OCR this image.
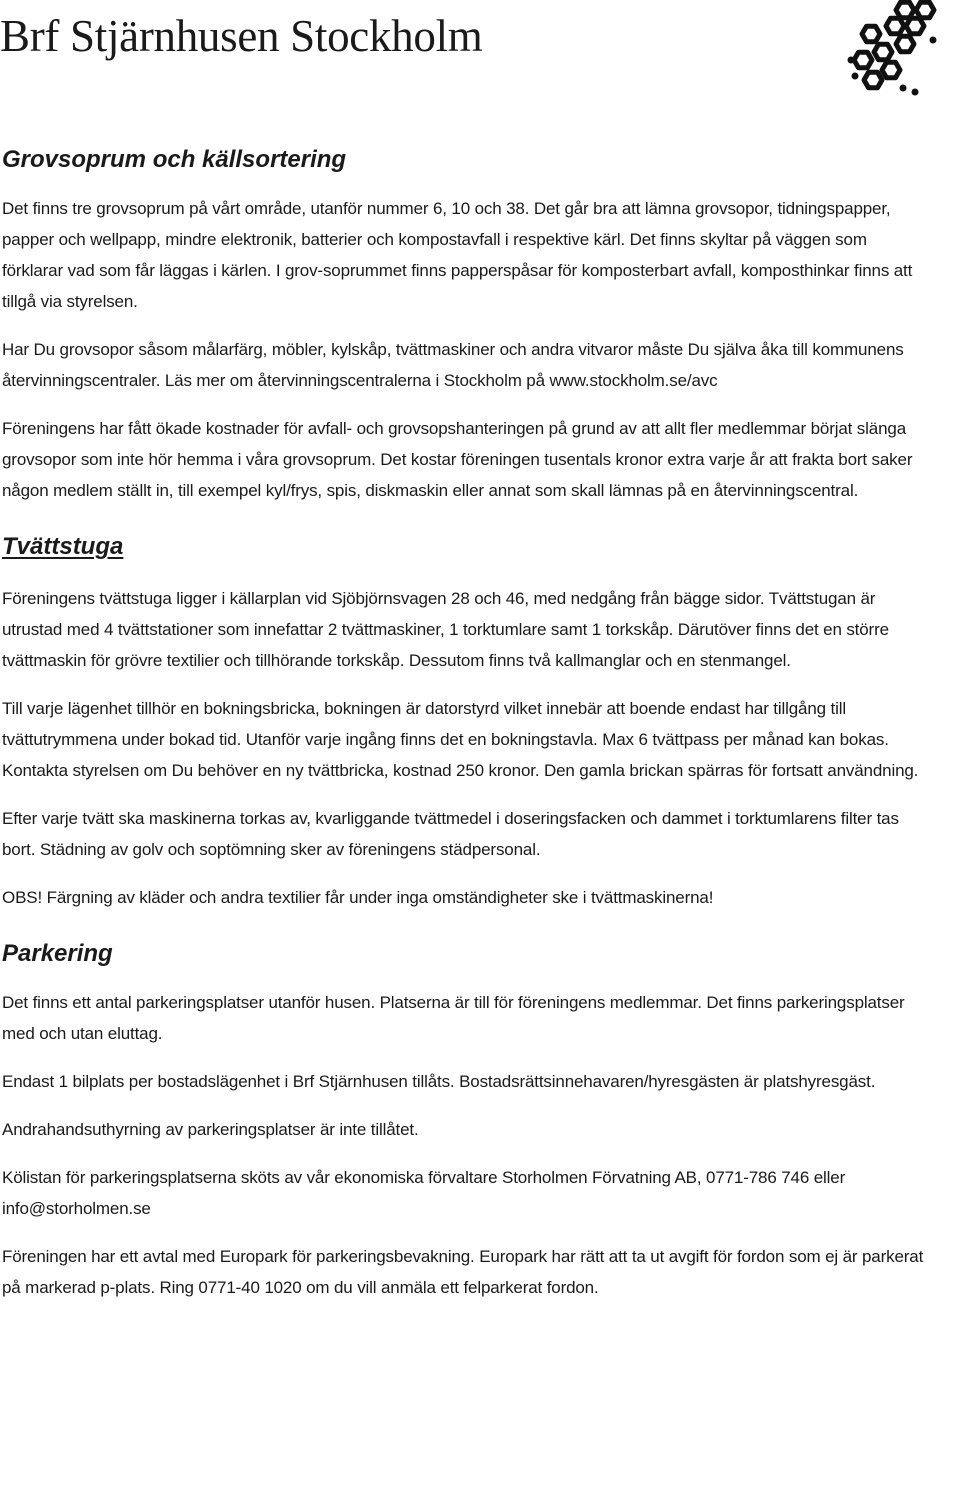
Brf Stjärnhusen Stockholm
Grovsoprum och källsortering

Det finns tre grovsoprum på vårt område, utanför nummer 6, 10 och 38. Det går bra att lämna grovsopor, tidningspapper, papper och wellpapp, mindre elektronik, batterier och kompostavfall i respektive kärl. Det finns skyltar på väggen som förklarar vad som får läggas i kärlen. I grov-soprummet finns papperspåsar för komposterbart avfall, komposthinkar finns att tillgå via styrelsen.

Har Du grovsopor såsom målarfärg, möbler, kylskåp, tvättmaskiner och andra vitvaror måste Du själva åka till kommunens återvinningscentraler. Läs mer om återvinningscentralerna i Stockholm på www.stockholm.se/avc

Föreningens har fått ökade kostnader för avfall- och grovsopshanteringen på grund av att allt fler medlemmar börjat slänga grovsopor som inte hör hemma i våra grovsoprum. Det kostar föreningen tusentals kronor extra varje år att frakta bort saker någon medlem ställt in, till exempel kyl/frys, spis, diskmaskin eller annat som skall lämnas på en återvinningscentral.

Tvättstuga

Föreningens tvättstuga ligger i källarplan vid Sjöbjörnsvagen 28 och 46, med nedgång från bägge sidor. Tvättstugan är utrustad med 4 tvättstationer som innefattar 2 tvättmaskiner, 1 torktumlare samt 1 torkskåp. Därutöver finns det en större tvättmaskin för grövre textilier och tillhörande torkskåp. Dessutom finns två kallmanglar och en stenmangel.

Till varje lägenhet tillhör en bokningsbricka, bokningen är datorstyrd vilket innebär att boende endast har tillgång till tvättutrymmena under bokad tid. Utanför varje ingång finns det en bokningstavla. Max 6 tvättpass per månad kan bokas. Kontakta styrelsen om Du behöver en ny tvättbricka, kostnad 250 kronor. Den gamla brickan spärras för fortsatt användning.

Efter varje tvätt ska maskinerna torkas av, kvarliggande tvättmedel i doseringsfacken och dammet i torktumlarens filter tas bort. Städning av golv och soptömning sker av föreningens städpersonal.

OBS! Färgning av kläder och andra textilier får under inga omständigheter ske i tvättmaskinerna!

Parkering

Det finns ett antal parkeringsplatser utanför husen. Platserna är till för föreningens medlemmar. Det finns parkeringsplatser med och utan eluttag.

Endast 1 bilplats per bostadslägenhet i Brf Stjärnhusen tillåts. Bostadsrättsinnehavaren/hyresgästen är platshyresgäst.

Andrahandsuthyrning av parkeringsplatser är inte tillåtet.

Kölistan för parkeringsplatserna sköts av vår ekonomiska förvaltare Storholmen Förvatning AB, 0771-786 746 eller info@storholmen.se

Föreningen har ett avtal med Europark för parkeringsbevakning. Europark har rätt att ta ut avgift för fordon som ej är parkerat på markerad p-plats. Ring 0771-40 1020 om du vill anmäla ett felparkerat fordon.
